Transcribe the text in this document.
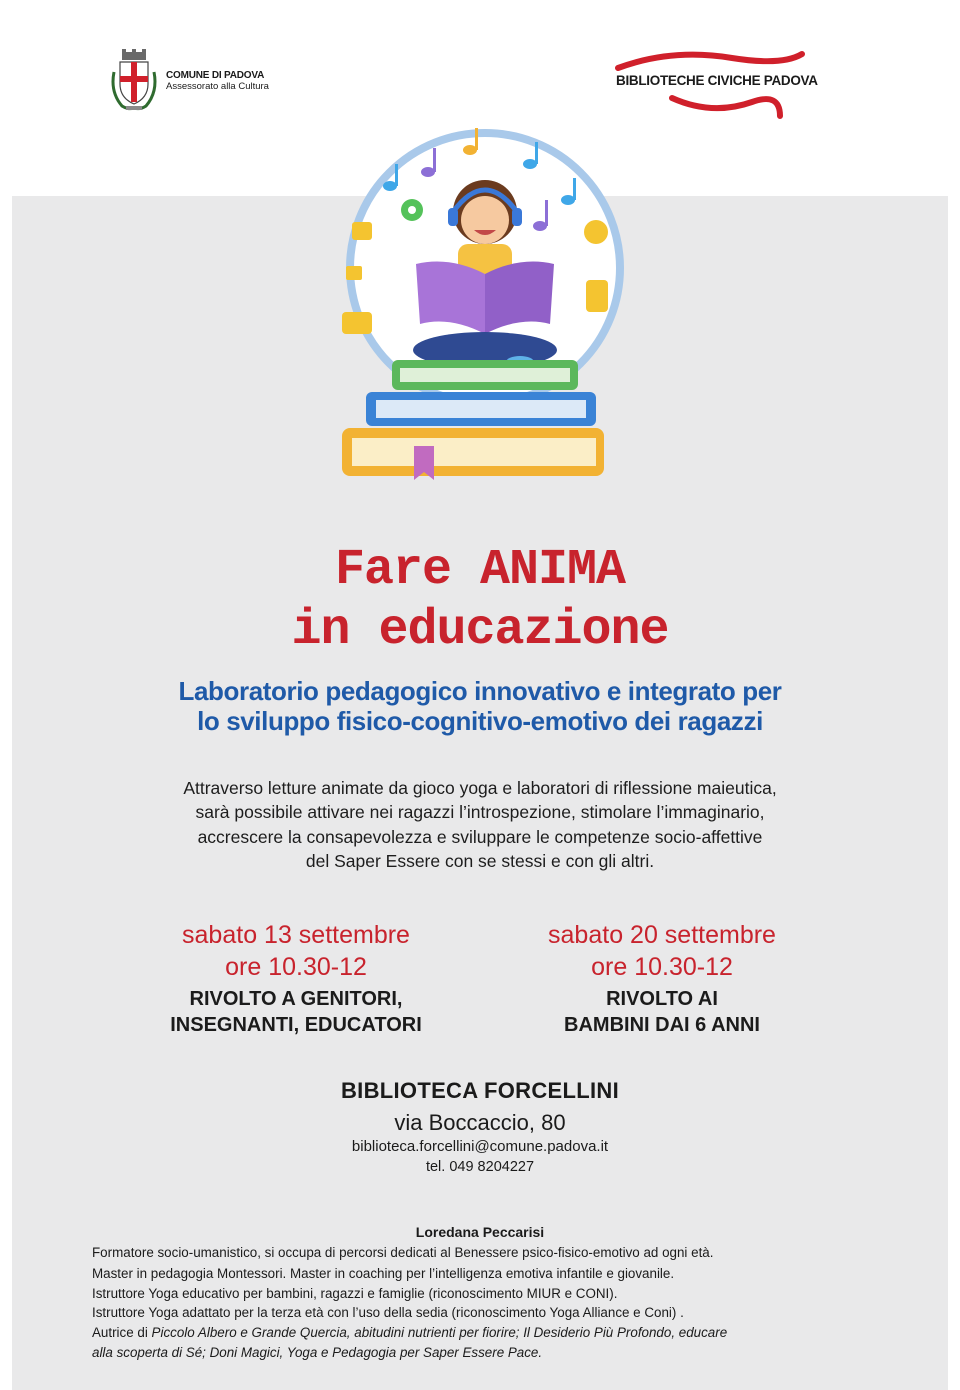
COMUNE DI PADOVA
Assessorato alla Cultura	BIBLIOTECHE CIVICHE PADOVA
Fare ANIMA
in educazione
Laboratorio pedagogico innovativo e integrato per
lo sviluppo fisico-cognitivo-emotivo dei ragazzi
Attraverso letture animate da gioco yoga e laboratori di riflessione maieutica,
sarà possibile attivare nei ragazzi l’introspezione, stimolare l’immaginario,
accrescere la consapevolezza e sviluppare le competenze socio-affettive
del Saper Essere con se stessi e con gli altri.
sabato 13 settembre
ore 10.30-12
RIVOLTO A GENITORI,
INSEGNANTI, EDUCATORI
sabato 20 settembre
ore 10.30-12
RIVOLTO AI
BAMBINI DAI 6 ANNI
BIBLIOTECA FORCELLINI
via Boccaccio, 80
biblioteca.forcellini@comune.padova.it
tel. 049 8204227
Loredana Peccarisi
Formatore socio-umanistico, si occupa di percorsi dedicati al Benessere psico-fisico-emotivo ad ogni età.
Master in pedagogia Montessori. Master in coaching per l’intelligenza emotiva infantile e giovanile.
Istruttore Yoga educativo per bambini, ragazzi e famiglie (riconoscimento MIUR e CONI).
Istruttore Yoga adattato per la terza età con l’uso della sedia (riconoscimento Yoga Alliance e Coni) .
Autrice di Piccolo Albero e Grande Quercia, abitudini nutrienti per fiorire; Il Desiderio Più Profondo, educare
alla scoperta di Sé; Doni Magici, Yoga e Pedagogia per Saper Essere Pace.
